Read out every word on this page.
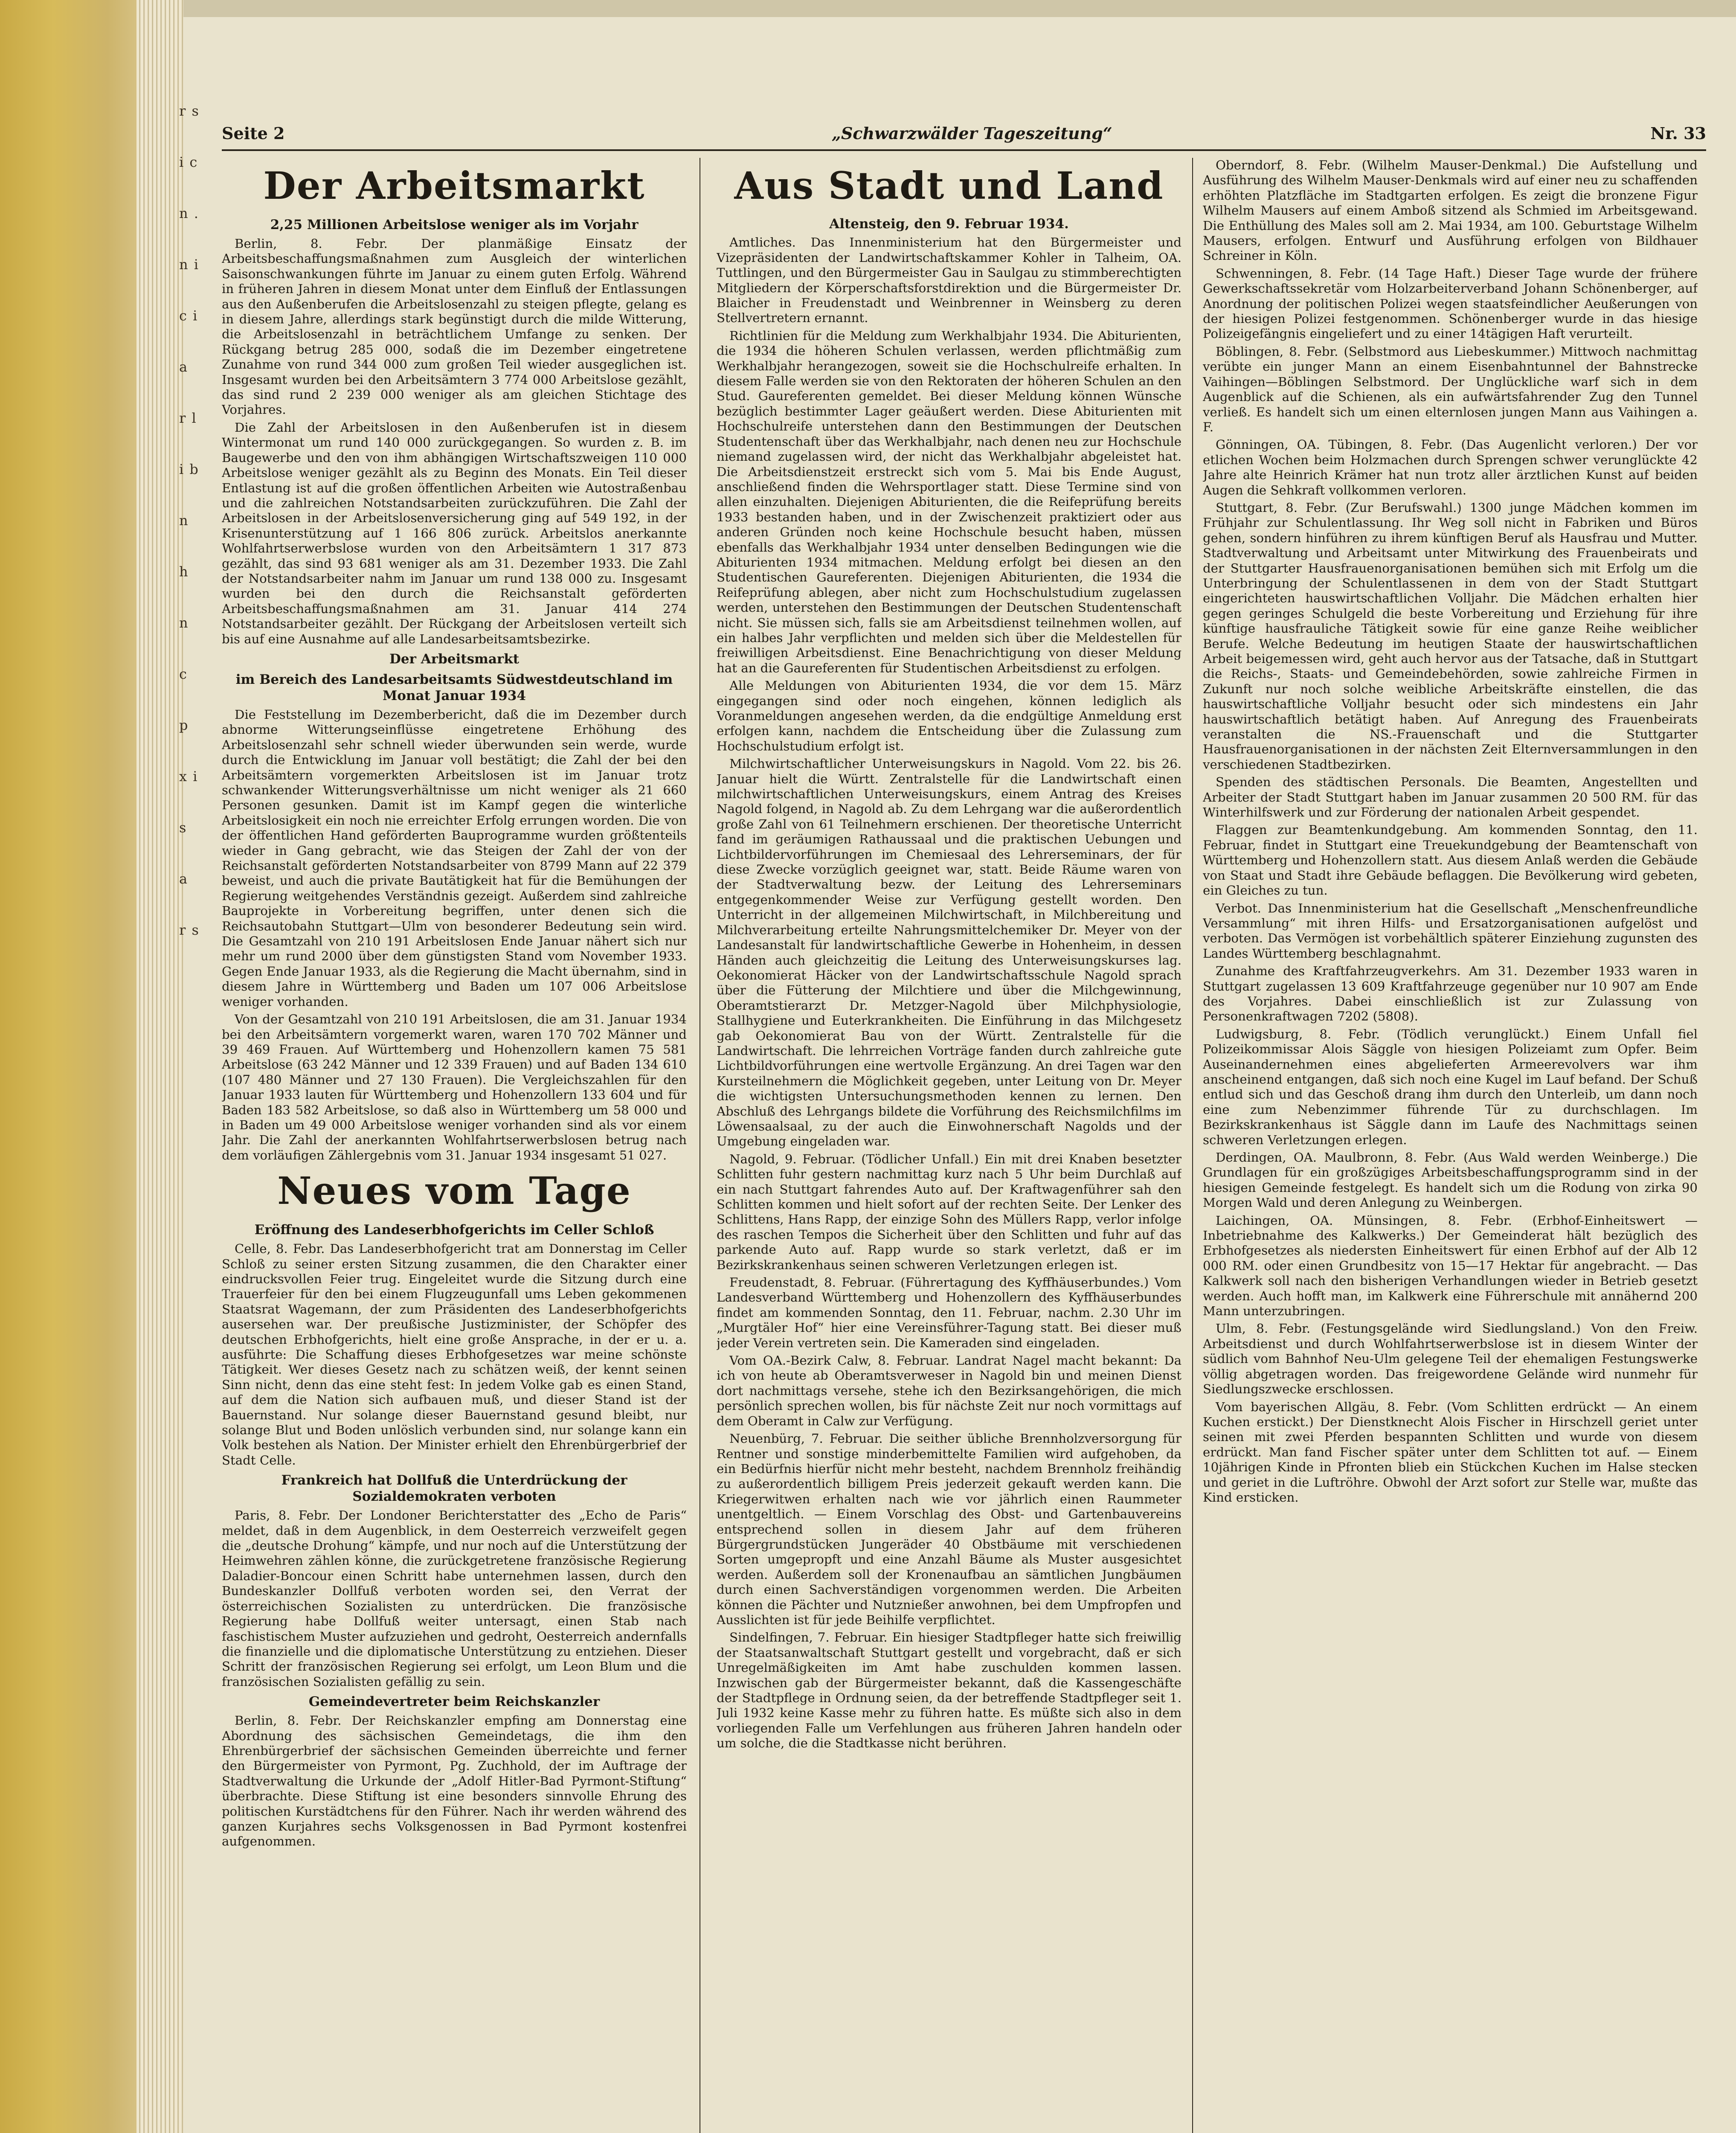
r s i c n . n i c i a r l i b n h n c p x i s a r s
Seite 2	„Schwarzwälder Tageszeitung“	Nr. 33
Der Arbeitsmarkt
2,25 Millionen Arbeitslose weniger als im Vorjahr

Berlin, 8. Febr. Der planmäßige Einsatz der Arbeitsbeschaffungsmaßnahmen zum Ausgleich der winterlichen Saisonschwankungen führte im Januar zu einem guten Erfolg. Während in früheren Jahren in diesem Monat unter dem Einfluß der Entlassungen aus den Außenberufen die Arbeitslosenzahl zu steigen pflegte, gelang es in diesem Jahre, allerdings stark begünstigt durch die milde Witterung, die Arbeitslosenzahl in beträchtlichem Umfange zu senken. Der Rückgang betrug 285 000, sodaß die im Dezember eingetretene Zunahme von rund 344 000 zum großen Teil wieder ausgeglichen ist. Insgesamt wurden bei den Arbeitsämtern 3 774 000 Arbeitslose gezählt, das sind rund 2 239 000 weniger als am gleichen Stichtage des Vorjahres.

Die Zahl der Arbeitslosen in den Außenberufen ist in diesem Wintermonat um rund 140 000 zurückgegangen. So wurden z. B. im Baugewerbe und den von ihm abhängigen Wirtschaftszweigen 110 000 Arbeitslose weniger gezählt als zu Beginn des Monats. Ein Teil dieser Entlastung ist auf die großen öffentlichen Arbeiten wie Autostraßenbau und die zahlreichen Notstandsarbeiten zurückzuführen. Die Zahl der Arbeitslosen in der Arbeitslosenversicherung ging auf 549 192, in der Krisenunterstützung auf 1 166 806 zurück. Arbeitslos anerkannte Wohlfahrtserwerbslose wurden von den Arbeitsämtern 1 317 873 gezählt, das sind 93 681 weniger als am 31. Dezember 1933. Die Zahl der Notstandsarbeiter nahm im Januar um rund 138 000 zu. Insgesamt wurden bei den durch die Reichsanstalt geförderten Arbeitsbeschaffungsmaßnahmen am 31. Januar 414 274 Notstandsarbeiter gezählt. Der Rückgang der Arbeitslosen verteilt sich bis auf eine Ausnahme auf alle Landesarbeitsamtsbezirke.

Der Arbeitsmarkt
im Bereich des Landesarbeitsamts Südwestdeutschland im Monat Januar 1934

Die Feststellung im Dezemberbericht, daß die im Dezember durch abnorme Witterungseinflüsse eingetretene Erhöhung des Arbeitslosenzahl sehr schnell wieder überwunden sein werde, wurde durch die Entwicklung im Januar voll bestätigt; die Zahl der bei den Arbeitsämtern vorgemerkten Arbeitslosen ist im Januar trotz schwankender Witterungsverhältnisse um nicht weniger als 21 660 Personen gesunken. Damit ist im Kampf gegen die winterliche Arbeitslosigkeit ein noch nie erreichter Erfolg errungen worden. Die von der öffentlichen Hand geförderten Bauprogramme wurden größtenteils wieder in Gang gebracht, wie das Steigen der Zahl der von der Reichsanstalt geförderten Notstandsarbeiter von 8799 Mann auf 22 379 beweist, und auch die private Bautätigkeit hat für die Bemühungen der Regierung weitgehendes Verständnis gezeigt. Außerdem sind zahlreiche Bauprojekte in Vorbereitung begriffen, unter denen sich die Reichsautobahn Stuttgart—Ulm von besonderer Bedeutung sein wird. Die Gesamtzahl von 210 191 Arbeitslosen Ende Januar nähert sich nur mehr um rund 2000 über dem günstigsten Stand vom November 1933. Gegen Ende Januar 1933, als die Regierung die Macht übernahm, sind in diesem Jahre in Württemberg und Baden um 107 006 Arbeitslose weniger vorhanden.

Von der Gesamtzahl von 210 191 Arbeitslosen, die am 31. Januar 1934 bei den Arbeitsämtern vorgemerkt waren, waren 170 702 Männer und 39 469 Frauen. Auf Württemberg und Hohenzollern kamen 75 581 Arbeitslose (63 242 Männer und 12 339 Frauen) und auf Baden 134 610 (107 480 Männer und 27 130 Frauen). Die Vergleichszahlen für den Januar 1933 lauten für Württemberg und Hohenzollern 133 604 und für Baden 183 582 Arbeitslose, so daß also in Württemberg um 58 000 und in Baden um 49 000 Arbeitslose weniger vorhanden sind als vor einem Jahr. Die Zahl der anerkannten Wohlfahrtserwerbslosen betrug nach dem vorläufigen Zählergebnis vom 31. Januar 1934 insgesamt 51 027.

Neues vom Tage
Eröffnung des Landeserbhofgerichts im Celler Schloß

Celle, 8. Febr. Das Landeserbhofgericht trat am Donnerstag im Celler Schloß zu seiner ersten Sitzung zusammen, die den Charakter einer eindrucksvollen Feier trug. Eingeleitet wurde die Sitzung durch eine Trauerfeier für den bei einem Flugzeugunfall ums Leben gekommenen Staatsrat Wagemann, der zum Präsidenten des Landeserbhofgerichts ausersehen war. Der preußische Justizminister, der Schöpfer des deutschen Erbhofgerichts, hielt eine große Ansprache, in der er u. a. ausführte: Die Schaffung dieses Erbhofgesetzes war meine schönste Tätigkeit. Wer dieses Gesetz nach zu schätzen weiß, der kennt seinen Sinn nicht, denn das eine steht fest: In jedem Volke gab es einen Stand, auf dem die Nation sich aufbauen muß, und dieser Stand ist der Bauernstand. Nur solange dieser Bauernstand gesund bleibt, nur solange Blut und Boden unlöslich verbunden sind, nur solange kann ein Volk bestehen als Nation. Der Minister erhielt den Ehrenbürgerbrief der Stadt Celle.

Frankreich hat Dollfuß die Unterdrückung der Sozialdemokraten verboten

Paris, 8. Febr. Der Londoner Berichterstatter des „Echo de Paris“ meldet, daß in dem Augenblick, in dem Oesterreich verzweifelt gegen die „deutsche Drohung“ kämpfe, und nur noch auf die Unterstützung der Heimwehren zählen könne, die zurückgetretene französische Regierung Daladier-Boncour einen Schritt habe unternehmen lassen, durch den Bundeskanzler Dollfuß verboten worden sei, den Verrat der österreichischen Sozialisten zu unterdrücken. Die französische Regierung habe Dollfuß weiter untersagt, einen Stab nach faschistischem Muster aufzuziehen und gedroht, Oesterreich andernfalls die finanzielle und die diplomatische Unterstützung zu entziehen. Dieser Schritt der französischen Regierung sei erfolgt, um Leon Blum und die französischen Sozialisten gefällig zu sein.

Gemeindevertreter beim Reichskanzler

Berlin, 8. Febr. Der Reichskanzler empfing am Donnerstag eine Abordnung des sächsischen Gemeindetags, die ihm den Ehrenbürgerbrief der sächsischen Gemeinden überreichte und ferner den Bürgermeister von Pyrmont, Pg. Zuchhold, der im Auftrage der Stadtverwaltung die Urkunde der „Adolf Hitler-Bad Pyrmont-Stiftung“ überbrachte. Diese Stiftung ist eine besonders sinnvolle Ehrung des politischen Kurstädtchens für den Führer. Nach ihr werden während des ganzen Kurjahres sechs Volksgenossen in Bad Pyrmont kostenfrei aufgenommen.

Aus Stadt und Land
Altensteig, den 9. Februar 1934.

Amtliches. Das Innenministerium hat den Bürgermeister und Vizepräsidenten der Landwirtschaftskammer Kohler in Talheim, OA. Tuttlingen, und den Bürgermeister Gau in Saulgau zu stimmberechtigten Mitgliedern der Körperschaftsforstdirektion und die Bürgermeister Dr. Blaicher in Freudenstadt und Weinbrenner in Weinsberg zu deren Stellvertretern ernannt.

Richtlinien für die Meldung zum Werkhalbjahr 1934. Die Abiturienten, die 1934 die höheren Schulen verlassen, werden pflichtmäßig zum Werkhalbjahr herangezogen, soweit sie die Hochschulreife erhalten. In diesem Falle werden sie von den Rektoraten der höheren Schulen an den Stud. Gaureferenten gemeldet. Bei dieser Meldung können Wünsche bezüglich bestimmter Lager geäußert werden. Diese Abiturienten mit Hochschulreife unterstehen dann den Bestimmungen der Deutschen Studentenschaft über das Werkhalbjahr, nach denen neu zur Hochschule niemand zugelassen wird, der nicht das Werkhalbjahr abgeleistet hat. Die Arbeitsdienstzeit erstreckt sich vom 5. Mai bis Ende August, anschließend finden die Wehrsportlager statt. Diese Termine sind von allen einzuhalten. Diejenigen Abiturienten, die die Reifeprüfung bereits 1933 bestanden haben, und in der Zwischenzeit praktiziert oder aus anderen Gründen noch keine Hochschule besucht haben, müssen ebenfalls das Werkhalbjahr 1934 unter denselben Bedingungen wie die Abiturienten 1934 mitmachen. Meldung erfolgt bei diesen an den Studentischen Gaureferenten. Diejenigen Abiturienten, die 1934 die Reifeprüfung ablegen, aber nicht zum Hochschulstudium zugelassen werden, unterstehen den Bestimmungen der Deutschen Studentenschaft nicht. Sie müssen sich, falls sie am Arbeitsdienst teilnehmen wollen, auf ein halbes Jahr verpflichten und melden sich über die Meldestellen für freiwilligen Arbeitsdienst. Eine Benachrichtigung von dieser Meldung hat an die Gaureferenten für Studentischen Arbeitsdienst zu erfolgen.

Alle Meldungen von Abiturienten 1934, die vor dem 15. März eingegangen sind oder noch eingehen, können lediglich als Voranmeldungen angesehen werden, da die endgültige Anmeldung erst erfolgen kann, nachdem die Entscheidung über die Zulassung zum Hochschulstudium erfolgt ist.

Milchwirtschaftlicher Unterweisungskurs in Nagold. Vom 22. bis 26. Januar hielt die Württ. Zentralstelle für die Landwirtschaft einen milchwirtschaftlichen Unterweisungskurs, einem Antrag des Kreises Nagold folgend, in Nagold ab. Zu dem Lehrgang war die außerordentlich große Zahl von 61 Teilnehmern erschienen. Der theoretische Unterricht fand im geräumigen Rathaussaal und die praktischen Uebungen und Lichtbildervorführungen im Chemiesaal des Lehrerseminars, der für diese Zwecke vorzüglich geeignet war, statt. Beide Räume waren von der Stadtverwaltung bezw. der Leitung des Lehrerseminars entgegenkommender Weise zur Verfügung gestellt worden. Den Unterricht in der allgemeinen Milchwirtschaft, in Milchbereitung und Milchverarbeitung erteilte Nahrungsmittelchemiker Dr. Meyer von der Landesanstalt für landwirtschaftliche Gewerbe in Hohenheim, in dessen Händen auch gleichzeitig die Leitung des Unterweisungskurses lag. Oekonomierat Häcker von der Landwirtschaftsschule Nagold sprach über die Fütterung der Milchtiere und über die Milchgewinnung, Oberamtstierarzt Dr. Metzger-Nagold über Milchphysiologie, Stallhygiene und Euterkrankheiten. Die Einführung in das Milchgesetz gab Oekonomierat Bau von der Württ. Zentralstelle für die Landwirtschaft. Die lehrreichen Vorträge fanden durch zahlreiche gute Lichtbildvorführungen eine wertvolle Ergänzung. An drei Tagen war den Kursteilnehmern die Möglichkeit gegeben, unter Leitung von Dr. Meyer die wichtigsten Untersuchungsmethoden kennen zu lernen. Den Abschluß des Lehrgangs bildete die Vorführung des Reichsmilchfilms im Löwensaalsaal, zu der auch die Einwohnerschaft Nagolds und der Umgebung eingeladen war.

Nagold, 9. Februar. (Tödlicher Unfall.) Ein mit drei Knaben besetzter Schlitten fuhr gestern nachmittag kurz nach 5 Uhr beim Durchlaß auf ein nach Stuttgart fahrendes Auto auf. Der Kraftwagenführer sah den Schlitten kommen und hielt sofort auf der rechten Seite. Der Lenker des Schlittens, Hans Rapp, der einzige Sohn des Müllers Rapp, verlor infolge des raschen Tempos die Sicherheit über den Schlitten und fuhr auf das parkende Auto auf. Rapp wurde so stark verletzt, daß er im Bezirkskrankenhaus seinen schweren Verletzungen erlegen ist.

Freudenstadt, 8. Februar. (Führertagung des Kyffhäuserbundes.) Vom Landesverband Württemberg und Hohenzollern des Kyffhäuserbundes findet am kommenden Sonntag, den 11. Februar, nachm. 2.30 Uhr im „Murgtäler Hof“ hier eine Vereinsführer-Tagung statt. Bei dieser muß jeder Verein vertreten sein. Die Kameraden sind eingeladen.

Vom OA.-Bezirk Calw, 8. Februar. Landrat Nagel macht bekannt: Da ich von heute ab Oberamtsverweser in Nagold bin und meinen Dienst dort nachmittags versehe, stehe ich den Bezirksangehörigen, die mich persönlich sprechen wollen, bis für nächste Zeit nur noch vormittags auf dem Oberamt in Calw zur Verfügung.

Neuenbürg, 7. Februar. Die seither übliche Brennholzversorgung für Rentner und sonstige minderbemittelte Familien wird aufgehoben, da ein Bedürfnis hierfür nicht mehr besteht, nachdem Brennholz freihändig zu außerordentlich billigem Preis jederzeit gekauft werden kann. Die Kriegerwitwen erhalten nach wie vor jährlich einen Raummeter unentgeltlich. — Einem Vorschlag des Obst- und Gartenbauvereins entsprechend sollen in diesem Jahr auf dem früheren Bürgergrundstücken Jungeräder 40 Obstbäume mit verschiedenen Sorten umgepropft und eine Anzahl Bäume als Muster ausgesichtet werden. Außerdem soll der Kronenaufbau an sämtlichen Jungbäumen durch einen Sachverständigen vorgenommen werden. Die Arbeiten können die Pächter und Nutznießer anwohnen, bei dem Umpfropfen und Ausslichten ist für jede Beihilfe verpflichtet.

Sindelfingen, 7. Februar. Ein hiesiger Stadtpfleger hatte sich freiwillig der Staatsanwaltschaft Stuttgart gestellt und vorgebracht, daß er sich Unregelmäßigkeiten im Amt habe zuschulden kommen lassen. Inzwischen gab der Bürgermeister bekannt, daß die Kassengeschäfte der Stadtpflege in Ordnung seien, da der betreffende Stadtpfleger seit 1. Juli 1932 keine Kasse mehr zu führen hatte. Es müßte sich also in dem vorliegenden Falle um Verfehlungen aus früheren Jahren handeln oder um solche, die die Stadtkasse nicht berühren.

Oberndorf, 8. Febr. (Wilhelm Mauser-Denkmal.) Die Aufstellung und Ausführung des Wilhelm Mauser-Denkmals wird auf einer neu zu schaffenden erhöhten Platzfläche im Stadtgarten erfolgen. Es zeigt die bronzene Figur Wilhelm Mausers auf einem Amboß sitzend als Schmied im Arbeitsgewand. Die Enthüllung des Males soll am 2. Mai 1934, am 100. Geburtstage Wilhelm Mausers, erfolgen. Entwurf und Ausführung erfolgen von Bildhauer Schreiner in Köln.

Schwenningen, 8. Febr. (14 Tage Haft.) Dieser Tage wurde der frühere Gewerkschaftssekretär vom Holzarbeiterverband Johann Schönenberger, auf Anordnung der politischen Polizei wegen staatsfeindlicher Aeußerungen von der hiesigen Polizei festgenommen. Schönenberger wurde in das hiesige Polizeigefängnis eingeliefert und zu einer 14tägigen Haft verurteilt.

Böblingen, 8. Febr. (Selbstmord aus Liebeskummer.) Mittwoch nachmittag verübte ein junger Mann an einem Eisenbahntunnel der Bahnstrecke Vaihingen—Böblingen Selbstmord. Der Unglückliche warf sich in dem Augenblick auf die Schienen, als ein aufwärtsfahrender Zug den Tunnel verließ. Es handelt sich um einen elternlosen jungen Mann aus Vaihingen a. F.

Gönningen, OA. Tübingen, 8. Febr. (Das Augenlicht verloren.) Der vor etlichen Wochen beim Holzmachen durch Sprengen schwer verunglückte 42 Jahre alte Heinrich Krämer hat nun trotz aller ärztlichen Kunst auf beiden Augen die Sehkraft vollkommen verloren.

Stuttgart, 8. Febr. (Zur Berufswahl.) 1300 junge Mädchen kommen im Frühjahr zur Schulentlassung. Ihr Weg soll nicht in Fabriken und Büros gehen, sondern hinführen zu ihrem künftigen Beruf als Hausfrau und Mutter. Stadtverwaltung und Arbeitsamt unter Mitwirkung des Frauenbeirats und der Stuttgarter Hausfrauenorganisationen bemühen sich mit Erfolg um die Unterbringung der Schulentlassenen in dem von der Stadt Stuttgart eingerichteten hauswirtschaftlichen Volljahr. Die Mädchen erhalten hier gegen geringes Schulgeld die beste Vorbereitung und Erziehung für ihre künftige hausfrauliche Tätigkeit sowie für eine ganze Reihe weiblicher Berufe. Welche Bedeutung im heutigen Staate der hauswirtschaftlichen Arbeit beigemessen wird, geht auch hervor aus der Tatsache, daß in Stuttgart die Reichs-, Staats- und Gemeindebehörden, sowie zahlreiche Firmen in Zukunft nur noch solche weibliche Arbeitskräfte einstellen, die das hauswirtschaftliche Volljahr besucht oder sich mindestens ein Jahr hauswirtschaftlich betätigt haben. Auf Anregung des Frauenbeirats veranstalten die NS.-Frauenschaft und die Stuttgarter Hausfrauenorganisationen in der nächsten Zeit Elternversammlungen in den verschiedenen Stadtbezirken.

Spenden des städtischen Personals. Die Beamten, Angestellten und Arbeiter der Stadt Stuttgart haben im Januar zusammen 20 500 RM. für das Winterhilfswerk und zur Förderung der nationalen Arbeit gespendet.

Flaggen zur Beamtenkundgebung. Am kommenden Sonntag, den 11. Februar, findet in Stuttgart eine Treuekundgebung der Beamtenschaft von Württemberg und Hohenzollern statt. Aus diesem Anlaß werden die Gebäude von Staat und Stadt ihre Gebäude beflaggen. Die Bevölkerung wird gebeten, ein Gleiches zu tun.

Verbot. Das Innenministerium hat die Gesellschaft „Menschenfreundliche Versammlung“ mit ihren Hilfs- und Ersatzorganisationen aufgelöst und verboten. Das Vermögen ist vorbehältlich späterer Einziehung zugunsten des Landes Württemberg beschlagnahmt.

Zunahme des Kraftfahrzeugverkehrs. Am 31. Dezember 1933 waren in Stuttgart zugelassen 13 609 Kraftfahrzeuge gegenüber nur 10 907 am Ende des Vorjahres. Dabei einschließlich ist zur Zulassung von Personenkraftwagen 7202 (5808).

Ludwigsburg, 8. Febr. (Tödlich verunglückt.) Einem Unfall fiel Polizeikommissar Alois Säggle von hiesigen Polizeiamt zum Opfer. Beim Auseinandernehmen eines abgelieferten Armeerevolvers war ihm anscheinend entgangen, daß sich noch eine Kugel im Lauf befand. Der Schuß entlud sich und das Geschoß drang ihm durch den Unterleib, um dann noch eine zum Nebenzimmer führende Tür zu durchschlagen. Im Bezirkskrankenhaus ist Säggle dann im Laufe des Nachmittags seinen schweren Verletzungen erlegen.

Derdingen, OA. Maulbronn, 8. Febr. (Aus Wald werden Weinberge.) Die Grundlagen für ein großzügiges Arbeitsbeschaffungsprogramm sind in der hiesigen Gemeinde festgelegt. Es handelt sich um die Rodung von zirka 90 Morgen Wald und deren Anlegung zu Weinbergen.

Laichingen, OA. Münsingen, 8. Febr. (Erbhof-Einheitswert — Inbetriebnahme des Kalkwerks.) Der Gemeinderat hält bezüglich des Erbhofgesetzes als niedersten Einheitswert für einen Erbhof auf der Alb 12 000 RM. oder einen Grundbesitz von 15—17 Hektar für angebracht. — Das Kalkwerk soll nach den bisherigen Verhandlungen wieder in Betrieb gesetzt werden. Auch hofft man, im Kalkwerk eine Führerschule mit annähernd 200 Mann unterzubringen.

Ulm, 8. Febr. (Festungsgelände wird Siedlungsland.) Von den Freiw. Arbeitsdienst und durch Wohlfahrtserwerbslose ist in diesem Winter der südlich vom Bahnhof Neu-Ulm gelegene Teil der ehemaligen Festungswerke völlig abgetragen worden. Das freigewordene Gelände wird nunmehr für Siedlungszwecke erschlossen.

Vom bayerischen Allgäu, 8. Febr. (Vom Schlitten erdrückt — An einem Kuchen erstickt.) Der Dienstknecht Alois Fischer in Hirschzell geriet unter seinen mit zwei Pferden bespannten Schlitten und wurde von diesem erdrückt. Man fand Fischer später unter dem Schlitten tot auf. — Einem 10jährigen Kinde in Pfronten blieb ein Stückchen Kuchen im Halse stecken und geriet in die Luftröhre. Obwohl der Arzt sofort zur Stelle war, mußte das Kind ersticken.
